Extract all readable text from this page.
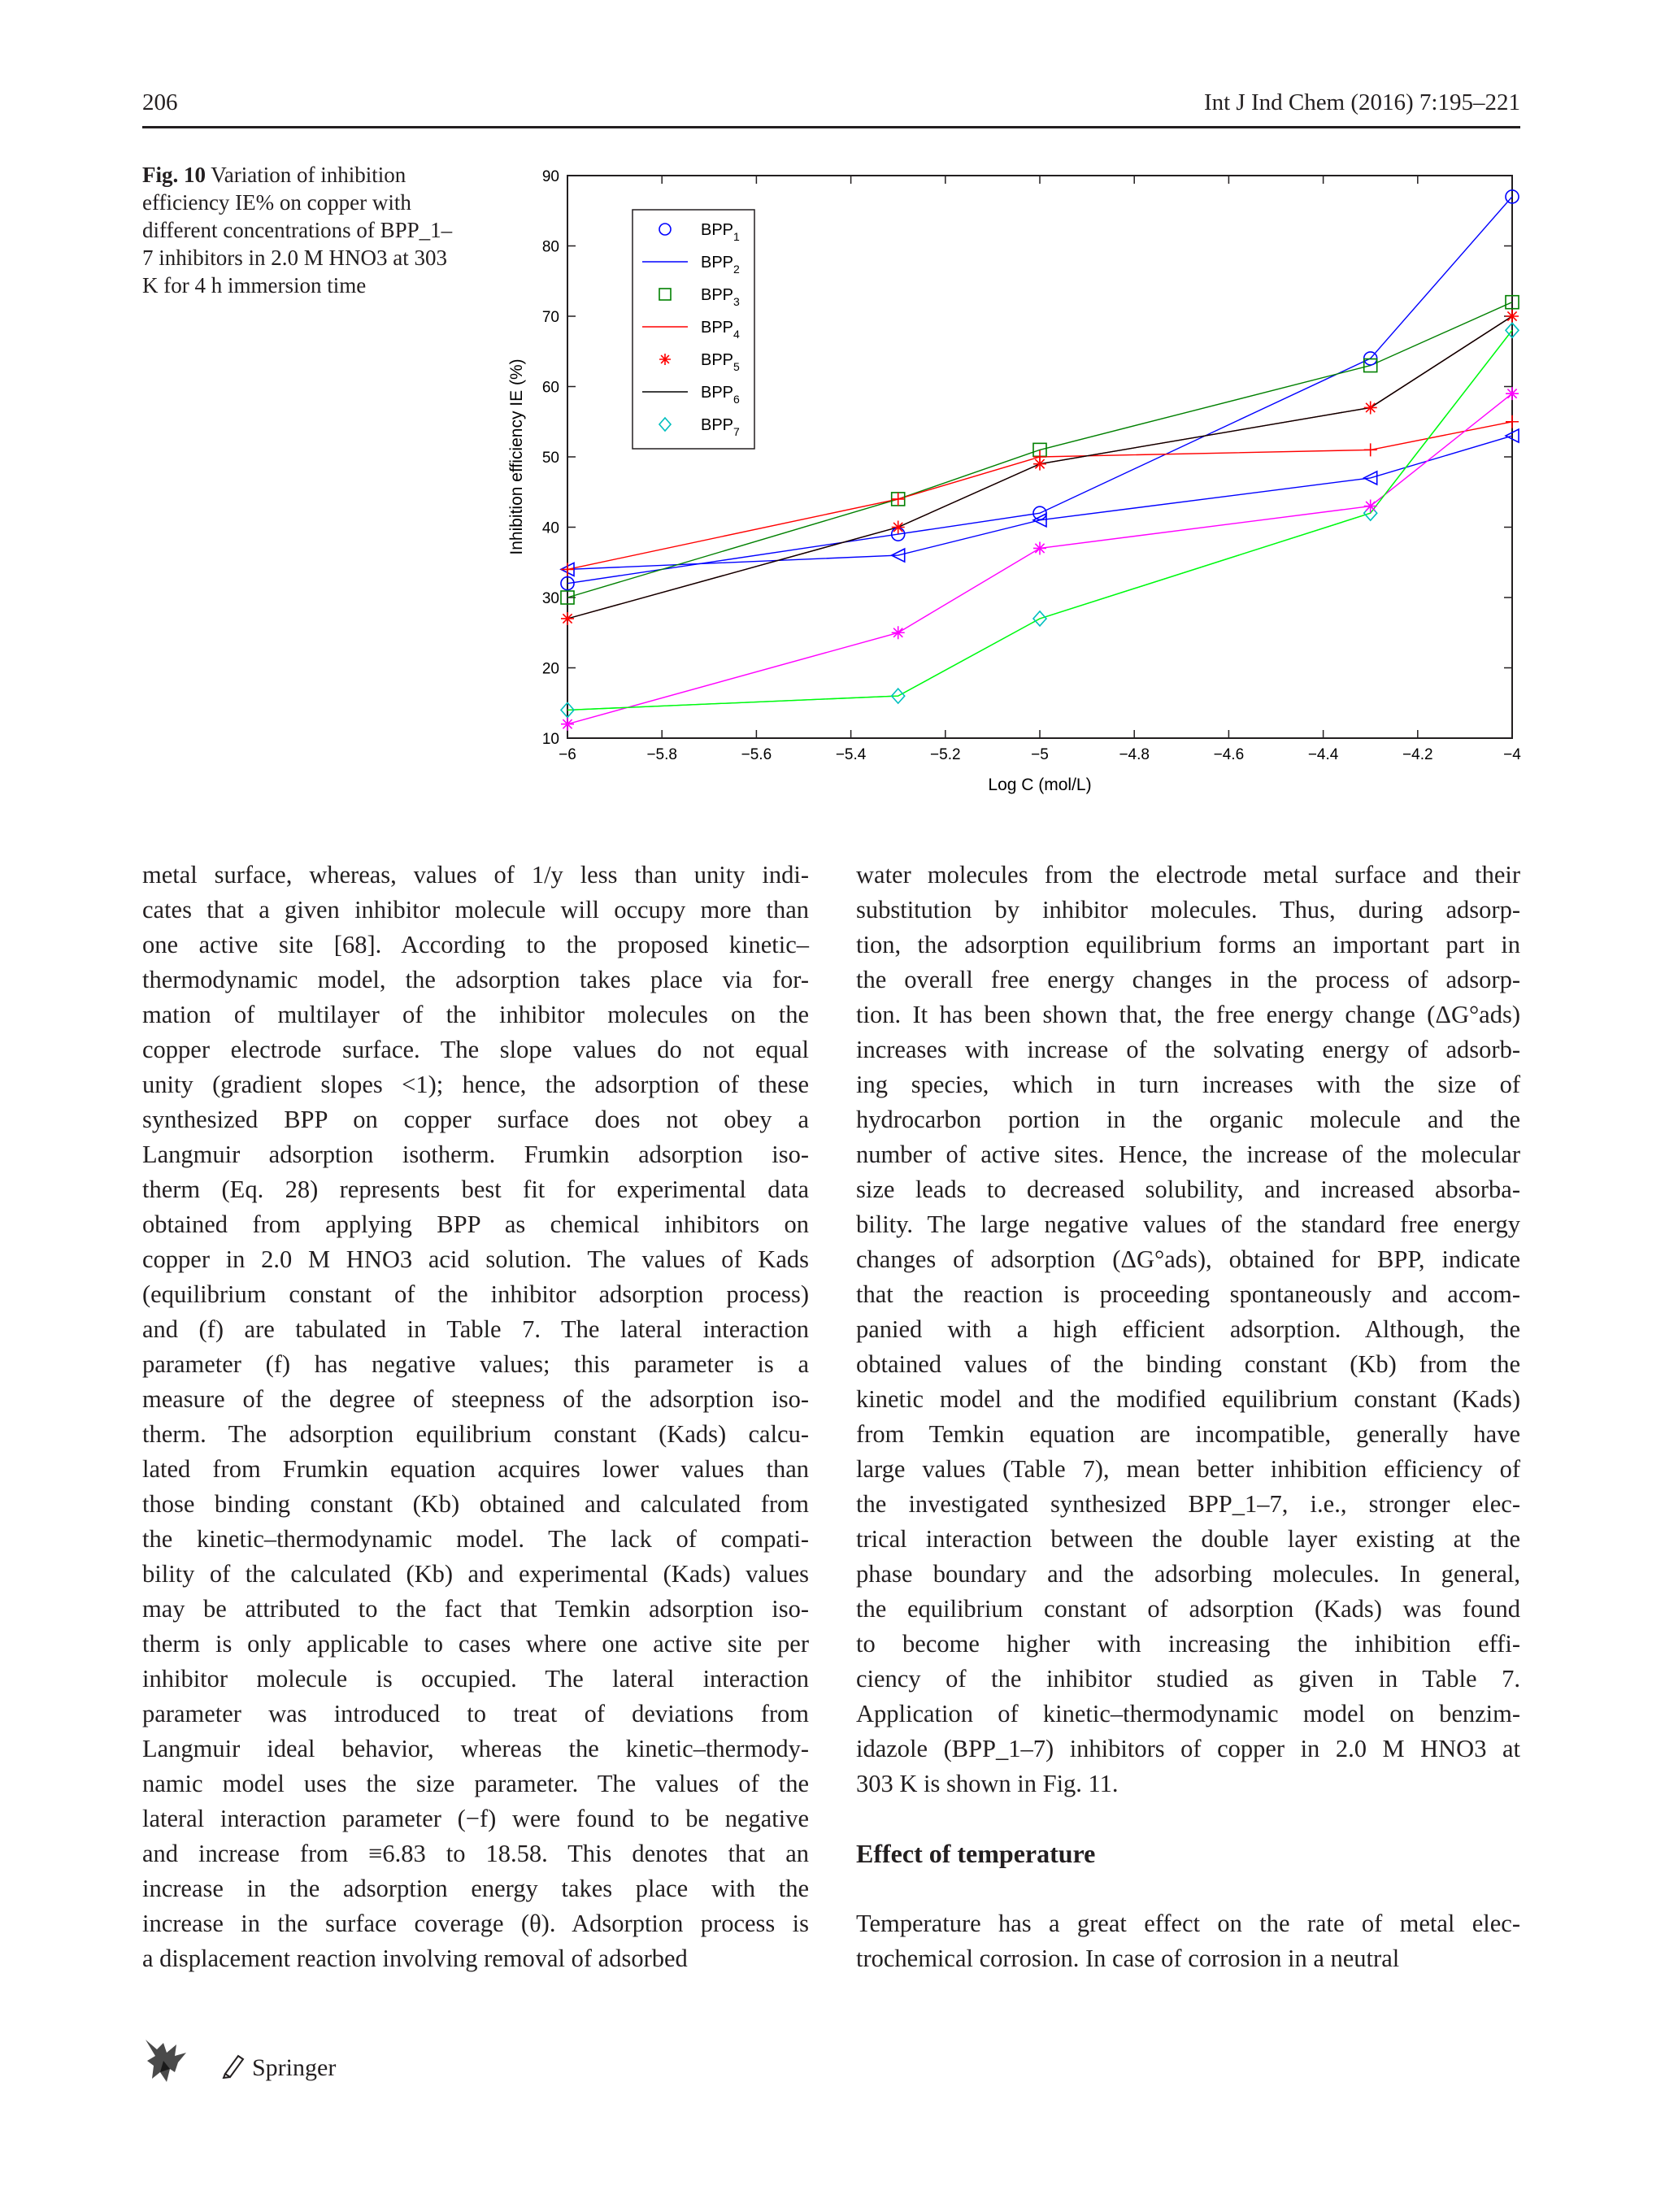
206	Int J Ind Chem (2016) 7:195–221
Fig. 10 Variation of inhibition efficiency IE% on copper with different concentrations of BPP_1–7 inhibitors in 2.0 M HNO3 at 303 K for 4 h immersion time
−6	−5.8	−5.6	−5.4	−5.2	−5	−4.8	−4.6	−4.4	−4.2	−4
10
20
30
40
50
60
70
80
90
$BPP_1$
$BPP_2$
$BPP_3$
$BPP_4$
$BPP_5$
$BPP_6$
$BPP_7$
Log C (mol/L)
Inhibition efficiency IE (%)

metal surface, whereas, values of 1/y less than unity indi-

cates that a given inhibitor molecule will occupy more than

one active site [68]. According to the proposed kinetic–

thermodynamic model, the adsorption takes place via for-

mation of multilayer of the inhibitor molecules on the

copper electrode surface. The slope values do not equal

unity (gradient slopes <1); hence, the adsorption of these

synthesized BPP on copper surface does not obey a

Langmuir adsorption isotherm. Frumkin adsorption iso-

therm (Eq. 28) represents best fit for experimental data

obtained from applying BPP as chemical inhibitors on

copper in 2.0 M HNO3 acid solution. The values of Kads

(equilibrium constant of the inhibitor adsorption process)

and (f) are tabulated in Table 7. The lateral interaction

parameter (f) has negative values; this parameter is a

measure of the degree of steepness of the adsorption iso-

therm. The adsorption equilibrium constant (Kads) calcu-

lated from Frumkin equation acquires lower values than

those binding constant (Kb) obtained and calculated from

the kinetic–thermodynamic model. The lack of compati-

bility of the calculated (Kb) and experimental (Kads) values

may be attributed to the fact that Temkin adsorption iso-

therm is only applicable to cases where one active site per

inhibitor molecule is occupied. The lateral interaction

parameter was introduced to treat of deviations from

Langmuir ideal behavior, whereas the kinetic–thermody-

namic model uses the size parameter. The values of the

lateral interaction parameter (−f) were found to be negative

and increase from ≡6.83 to 18.58. This denotes that an

increase in the adsorption energy takes place with the

increase in the surface coverage (θ). Adsorption process is

a displacement reaction involving removal of adsorbed

water molecules from the electrode metal surface and their

substitution by inhibitor molecules. Thus, during adsorp-

tion, the adsorption equilibrium forms an important part in

the overall free energy changes in the process of adsorp-

tion. It has been shown that, the free energy change (ΔG°ads)

increases with increase of the solvating energy of adsorb-

ing species, which in turn increases with the size of

hydrocarbon portion in the organic molecule and the

number of active sites. Hence, the increase of the molecular

size leads to decreased solubility, and increased absorba-

bility. The large negative values of the standard free energy

changes of adsorption (ΔG°ads), obtained for BPP, indicate

that the reaction is proceeding spontaneously and accom-

panied with a high efficient adsorption. Although, the

obtained values of the binding constant (Kb) from the

kinetic model and the modified equilibrium constant (Kads)

from Temkin equation are incompatible, generally have

large values (Table 7), mean better inhibition efficiency of

the investigated synthesized BPP_1–7, i.e., stronger elec-

trical interaction between the double layer existing at the

phase boundary and the adsorbing molecules. In general,

the equilibrium constant of adsorption (Kads) was found

to become higher with increasing the inhibition effi-

ciency of the inhibitor studied as given in Table 7.

Application of kinetic–thermodynamic model on benzim-

idazole (BPP_1–7) inhibitors of copper in 2.0 M HNO3 at

303 K is shown in Fig. 11.

Effect of temperature

Temperature has a great effect on the rate of metal elec-

trochemical corrosion. In case of corrosion in a neutral

Springer
